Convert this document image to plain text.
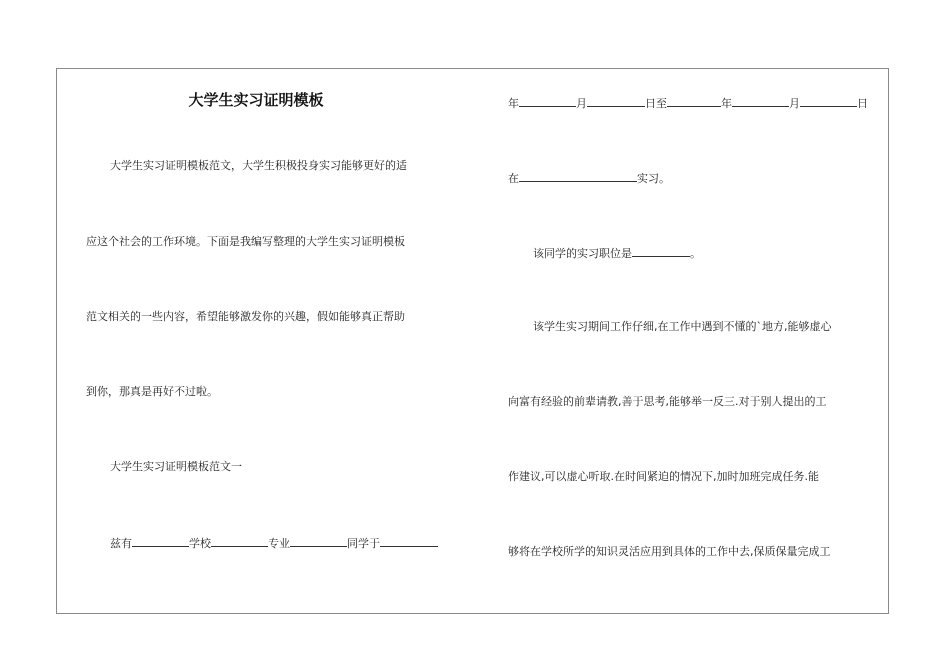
大学生实习证明模板
大学生实习证明模板范文，大学生积极投身实习能够更好的适
应这个社会的工作环境。下面是我编写整理的大学生实习证明模板
范文相关的一些内容，希望能够激发你的兴趣，假如能够真正帮助
到你，那真是再好不过啦。
大学生实习证明模板范文一
兹有	学校	专业	同学于
年	月	日至	年	月	日
在	实习。
该同学的实习职位是	。
该学生实习期间工作仔细,在工作中遇到不懂的`地方,能够虚心
向富有经验的前辈请教,善于思考,能够举一反三.对于别人提出的工
作建议,可以虚心听取.在时间紧迫的情况下,加时加班完成任务.能
够将在学校所学的知识灵活应用到具体的工作中去,保质保量完成工
